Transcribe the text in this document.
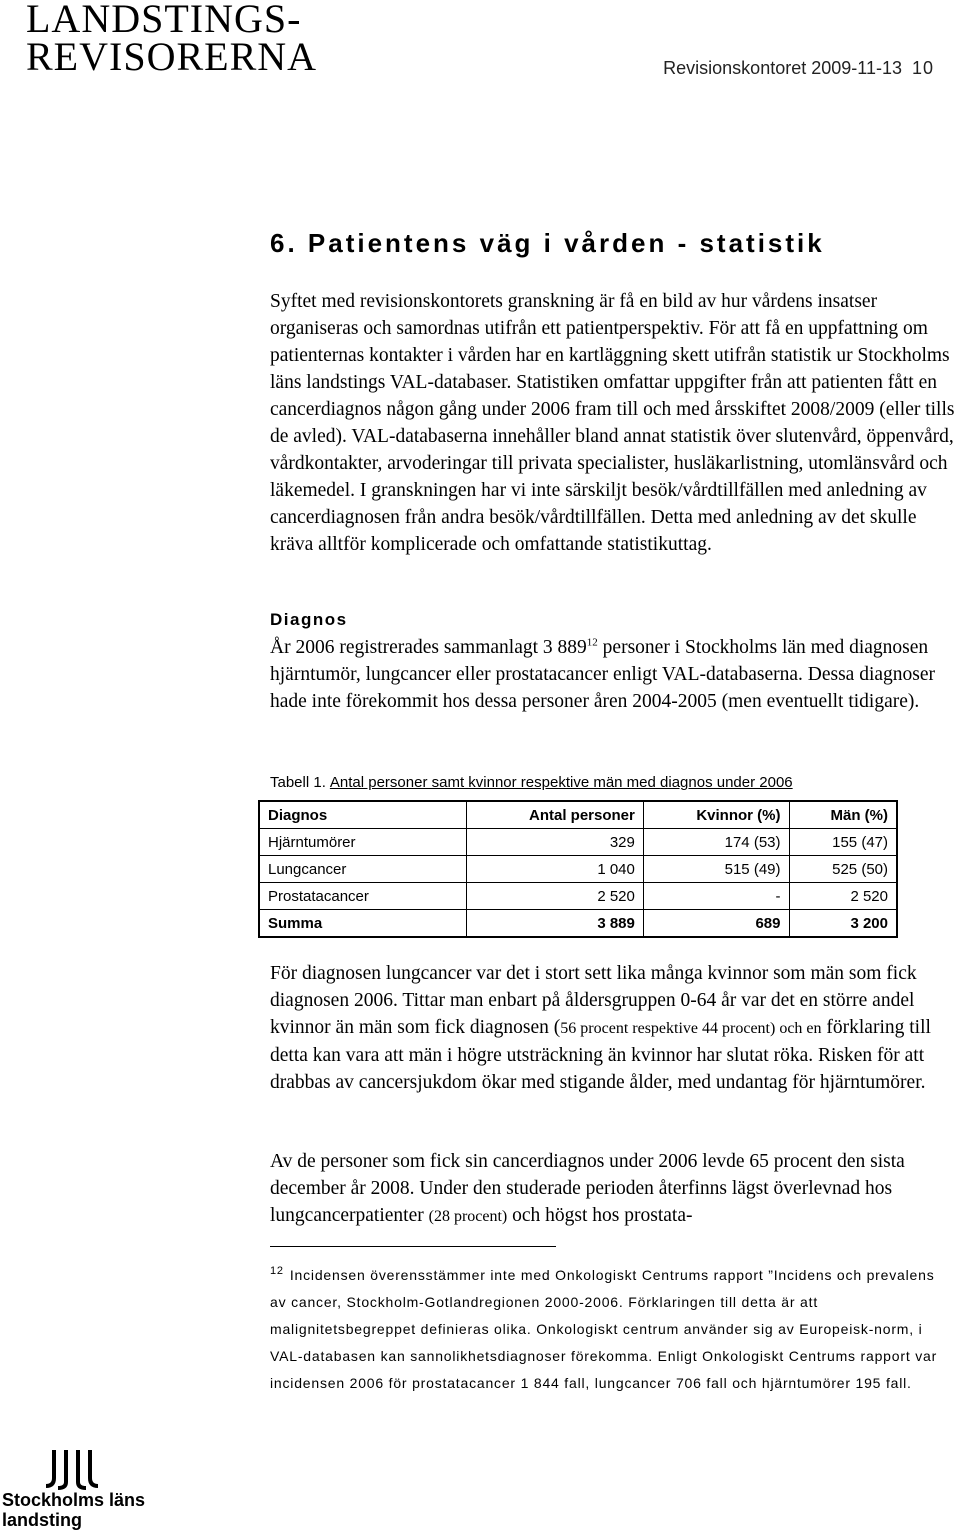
LANDSTINGS-
REVISORERNA	Revisionskontoret 2009-11-13 10
6. Patientens väg i vården - statistik

Syftet med revisionskontorets granskning är få en bild av hur vårdens insatser organiseras och samordnas utifrån ett patientperspektiv. För att få en uppfattning om patienternas kontakter i vården har en kartläggning skett utifrån statistik ur Stockholms läns landstings VAL-databaser. Statistiken omfattar uppgifter från att patienten fått en cancerdiagnos någon gång under 2006 fram till och med årsskiftet 2008/2009 (eller tills de avled). VAL-databaserna innehåller bland annat statistik över slutenvård, öppenvård, vårdkontakter, arvoderingar till privata specialister, husläkarlistning, utomlänsvård och läkemedel. I granskningen har vi inte särskiljt besök/vårdtillfällen med anledning av cancerdiagnosen från andra besök/vårdtillfällen. Detta med anledning av det skulle kräva alltför komplicerade och omfattande statistikuttag.

Diagnos

År 2006 registrerades sammanlagt 3 $889^{12}$ personer i Stockholms län med diagnosen hjärntumör, lungcancer eller prostatacancer enligt VAL-databaserna. Dessa diagnoser hade inte förekommit hos dessa personer åren 2004-2005 (men eventuellt tidigare).

Tabell 1. Antal personer samt kvinnor respektive män med diagnos under 2006
Diagnos	Antal personer	Kvinnor (%)	Män (%)
Hjärntumörer	329	174 (53)	155 (47)
Lungcancer	1 040	515 (49)	525 (50)
Prostatacancer	2 520	-	2 520
Summa	3 889	689	3 200

För diagnosen lungcancer var det i stort sett lika många kvinnor som män som fick diagnosen 2006. Tittar man enbart på åldersgruppen 0-64 år var det en större andel kvinnor än män som fick diagnosen (56 procent respektive 44 procent) och en förklaring till detta kan vara att män i högre utsträckning än kvinnor har slutat röka. Risken för att drabbas av cancersjukdom ökar med stigande ålder, med undantag för hjärntumörer.

Av de personer som fick sin cancerdiagnos under 2006 levde 65 procent den sista december år 2008. Under den studerade perioden återfinns lägst överlevnad hos lungcancerpatienter (28 procent) och högst hos prostata-

$^{12}$ Incidensen överensstämmer inte med Onkologiskt Centrums rapport ”Incidens och prevalens av cancer, Stockholm-Gotlandregionen 2000-2006. Förklaringen till detta är att malignitetsbegreppet definieras olika. Onkologiskt centrum använder sig av Europeisk-norm, i VAL-databasen kan sannolikhetsdiagnoser förekomma. Enligt Onkologiskt Centrums rapport var incidensen 2006 för prostatacancer 1 844 fall, lungcancer 706 fall och hjärntumörer 195 fall.
Stockholms läns
landsting
